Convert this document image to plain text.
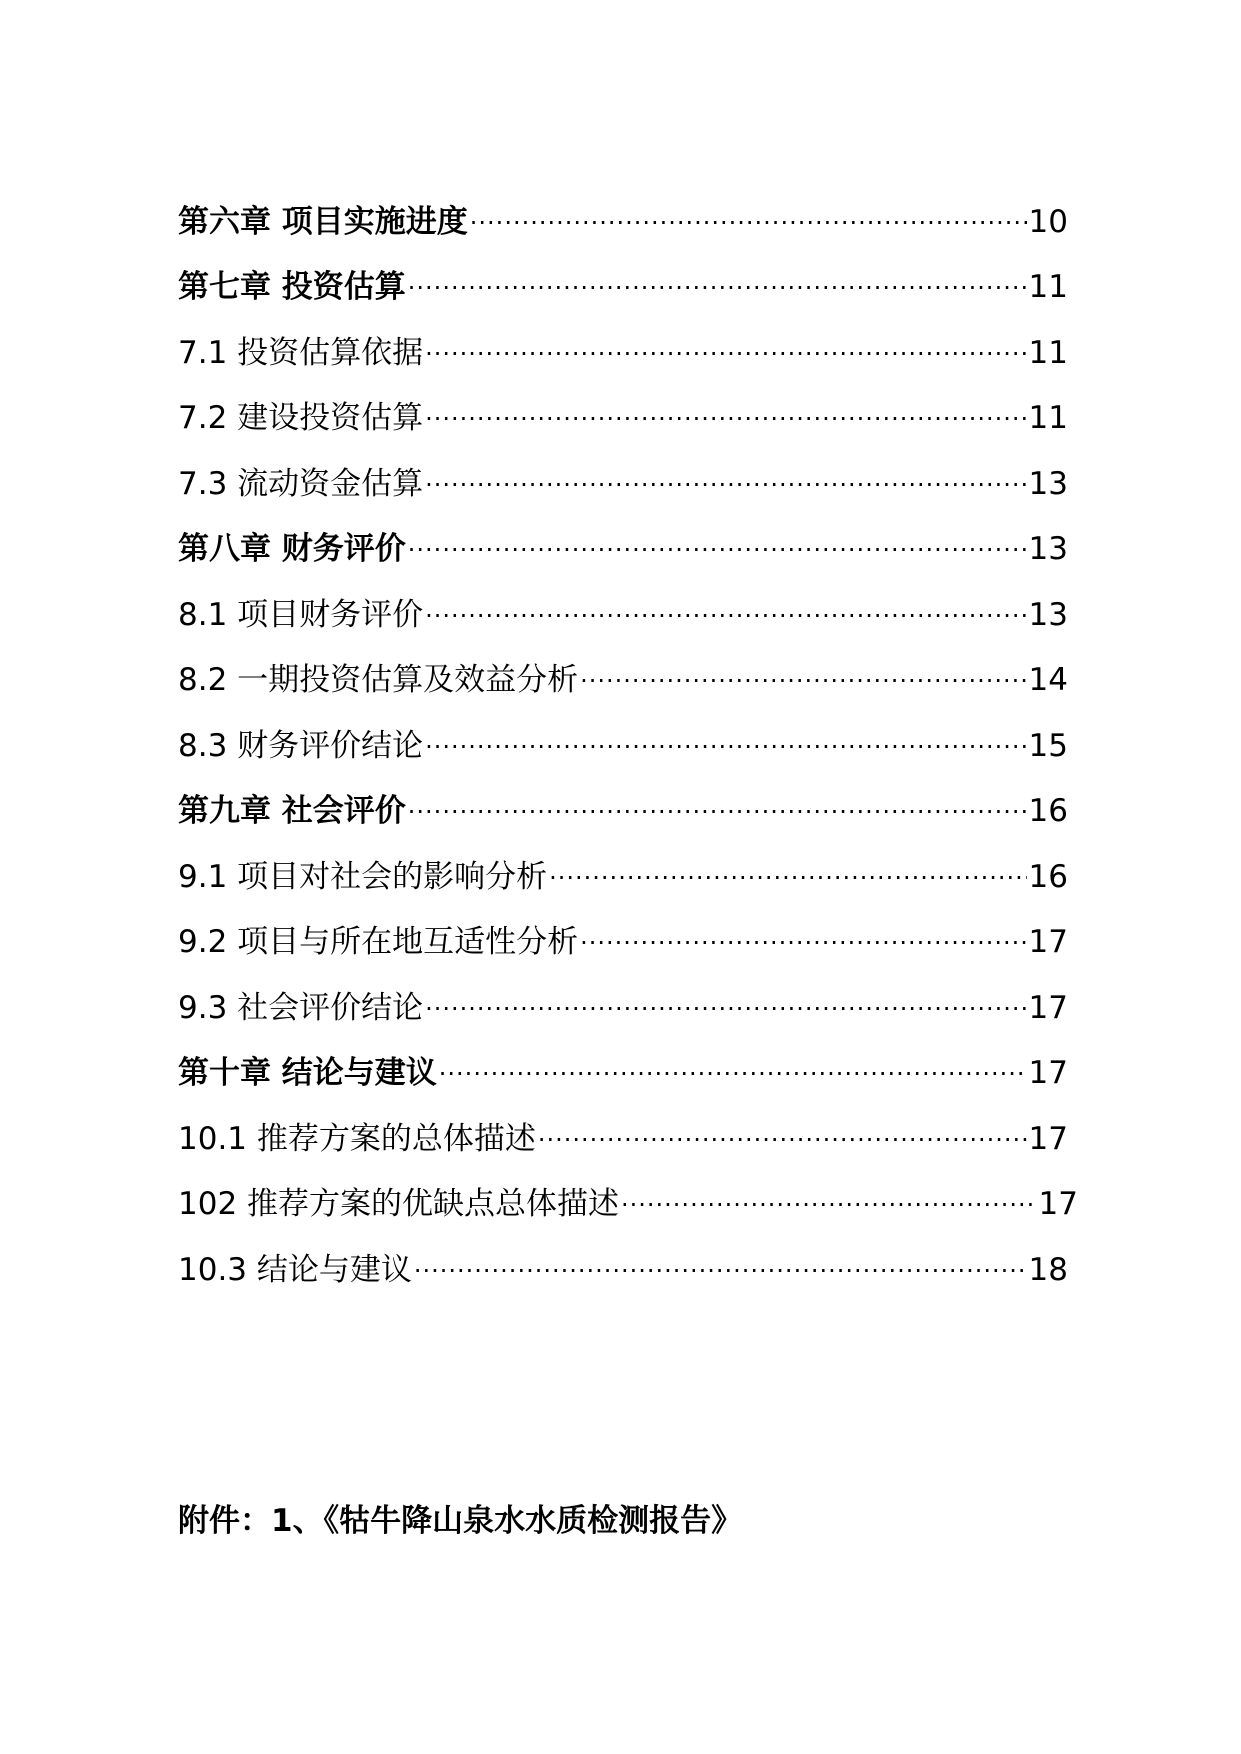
第六章 项目实施进度 .....	10
第七章 投资估算 .....	11
7.1 投资估算依据 .....	11
7.2 建设投资估算 .....	11
7.3 流动资金估算 .....	13
第八章 财务评价 .....	13
8.1 项目财务评价 .....	13
8.2 一期投资估算及效益分析 .....	14
8.3 财务评价结论 .....	15
第九章 社会评价 .....	16
9.1 项目对社会的影响分析 .....	16
9.2 项目与所在地互适性分析 .....	17
9.3 社会评价结论 .....	17
第十章 结论与建议 .....	17
10.1 推荐方案的总体描述 .....	17
102 推荐方案的优缺点总体描述 .....	17
10.3 结论与建议 .....	18
附件：1、《牯牛降山泉水水质检测报告》
